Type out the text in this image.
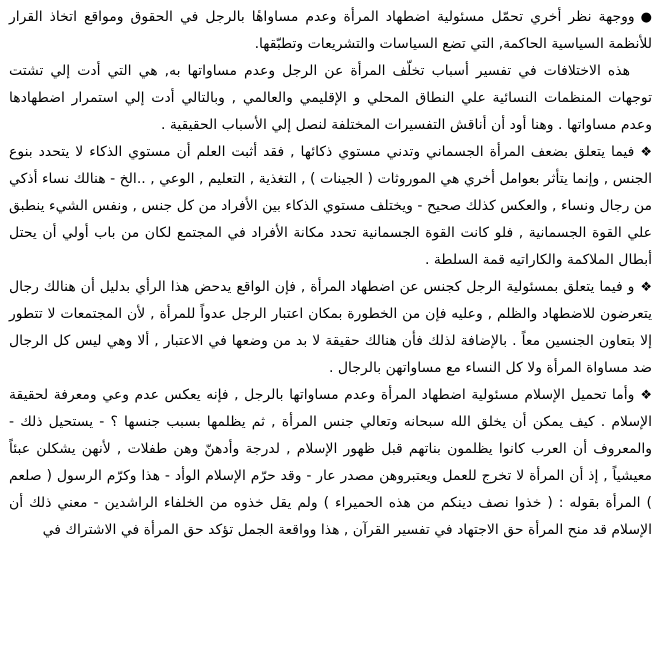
●ووجهة نظر أخري تحمّل مسئولية اضطهاد المرأة وعدم مساواهٔا بالرجل في الحقوق ومواقع اتخاذ القرار للأنظمة السياسية الحاكمة, التي تضع السياسات والتشريعات وتطبّقها.

هذه الاختلافات في تفسير أسباب تخلّف المرأة عن الرجل وعدم مساواتها به, هي التي أدت إلي تشتت توجهات المنظمات النسائية علي النطاق المحلي و الإقليمي والعالمي , وبالتالي أدت إلي استمرار اضطهادها وعدم مساواتها . وهنا أود أن أناقش التفسيرات المختلفة لنصل إلي الأسباب الحقيقية .

❖فيما يتعلق بضعف المرأة الجسماني وتدني مستوي ذكائها , فقد أثبت العلم أن مستوي الذكاء لا يتحدد بنوع الجنس , وإنما يتأثر بعوامل أخري هي الموروثات ( الجينات ) , التغذية , التعليم , الوعي , ..الخ - هنالك نساء أذكي من رجال ونساء , والعكس كذلك صحيح - ويختلف مستوي الذكاء بين الأفراد من كل جنس , ونفس الشيء ينطبق علي القوة الجسمانية , فلو كانت القوة الجسمانية تحدد مكانة الأفراد في المجتمع لكان من باب أولي أن يحتل أبطال الملاكمة والكاراتيه قمة السلطة .

❖و فيما يتعلق بمسئولية الرجل كجنس عن اضطهاد المرأة , فإن الواقع يدحض هذا الرأي بدليل أن هنالك رجال يتعرضون للاضطهاد والظلم , وعليه فإن من الخطورة بمكان اعتبار الرجل عدواً للمرأة , لأن المجتمعات لا تتطور إلا بتعاون الجنسين معاً . بالإضافة لذلك فأن هنالك حقيقة لا بد من وضعها في الاعتبار , ألا وهي ليس كل الرجال ضد مساواة المرأة ولا كل النساء مع مساواتهن بالرجال .

❖وأما تحميل الإسلام مسئولية اضطهاد المرأة وعدم مساواتها بالرجل , فإنه يعكس عدم وعي ومعرفة لحقيقة الإسلام . كيف يمكن أن يخلق الله سبحانه وتعالي جنس المرأة , ثم يظلمها بسبب جنسها ؟ - يستحيل ذلك - والمعروف أن العرب كانوا يظلمون بناتهم قبل ظهور الإسلام , لدرجة وأدهنّ وهن طفلات , لأنهن يشكلن عبئاً معيشياً , إذ أن المرأة لا تخرج للعمل ويعتبروهن مصدر عار - وقد حرّم الإسلام الوأد - هذا وكرّم الرسول ( صلعم ) المرأة بقوله : ( خذوا نصف دينكم من هذه الحميراء ) ولم يقل خذوه من الخلفاء الراشدين - معني ذلك أن الإسلام قد منح المرأة حق الاجتهاد في تفسير القرآن , هذا وواقعة الجمل تؤكد حق المرأة في الاشتراك في
